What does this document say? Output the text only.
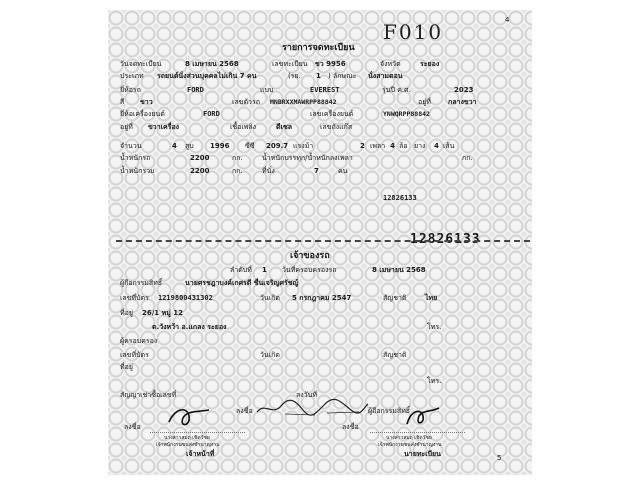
4
F010
รายการจดทะเบียน
วันจดทะเบียน	8 เมษายน 2568	เลขทะเบียน ขว 9956	จังหวัด	ระยอง
ประเภท รถยนต์นั่งส่วนบุคคลไม่เกิน 7 คน	(รย. 1 ) ลักษณะ นั่งสามตอน
ยี่ห้อรถ	FORD	แบบ	EVEREST	รุ่นปี ค.ศ.	2023
สี ขาว	เลขตัวรถ MNBRXXMAWRPP88842	อยู่ที่ กลางขวา
ยี่ห้อเครื่องยนต์	FORD	เลขเครื่องยนต์	YNWQRPP88842
อยู่ที่ ขวาเครื่อง	เชื้อเพลิง	ดีเซล	เลขถังแก๊ส
จำนวน	4 สูบ 1996 ซีซี 209.7 แรงม้า	2 เพลา 4 ล้อ ยาง 4 เส้น
น้ำหนักรถ	2200	กก.	น้ำหนักบรรทุก/น้ำหนักลงเพลา	กก.
น้ำหนักรวม	2200	กก.	ที่นั่ง	7	คน
12826133
12826133
เจ้าของรถ
ลำดับที่ 1 วันที่ครอบครองรถ	8 เมษายน 2568
ผู้ถือกรรมสิทธิ์	นายศรชฎาบงค์เกศรดี ชื่นเจริญศรัชญ์
เลขที่บัตร 1219800431302	วันเกิด 5 กรกฎาคม 2547	สัญชาติ	ไทย
ที่อยู่ 26/1 หมู่ 12
ต.วังหว้า อ.แกลง ระยอง	โทร.
ผู้ครอบครอง
เลขที่บัตร	วันเกิด	สัญชาติ
ที่อยู่
โทร.
สัญญาเช่าซื้อเลขที่	ลงวันที่
ลงชื่อ	ผู้ถือกรรมสิทธิ์
ลงชื่อ
นางสาวสมฤ เชิดวัชย
เจ้าพนักงานขนส่งชำนาญงาน
เจ้าหน้าที่
ลงชื่อ
นางสาวสมฤ เชิดวัชย
เจ้าพนักงานขนส่งชำนาญงาน
นายทะเบียน	5
